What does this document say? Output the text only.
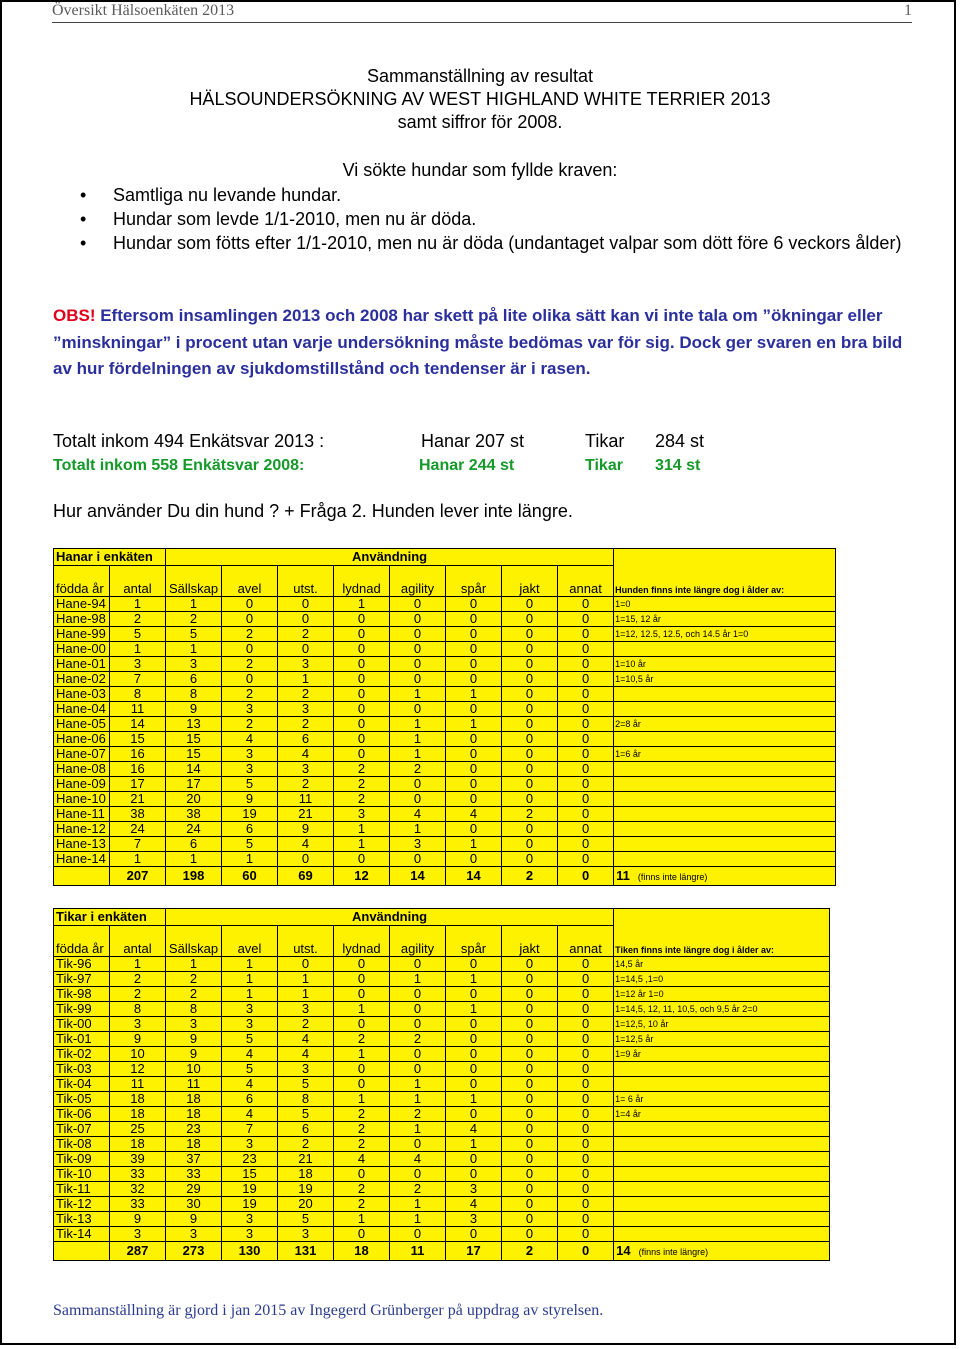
Översikt Hälsoenkäten 2013	1
Sammanställning av resultat
HÄLSOUNDERSÖKNING AV WEST HIGHLAND WHITE TERRIER 2013
samt siffror för 2008.
Vi sökte hundar som fyllde kraven:
• Samtliga nu levande hundar.
• Hundar som levde 1/1-2010, men nu är döda.
• Hundar som fötts efter 1/1-2010, men nu är döda (undantaget valpar som dött före 6 veckors ålder)
OBS! Eftersom insamlingen 2013 och 2008 har skett på lite olika sätt kan vi inte tala om ”ökningar eller ”minskningar” i procent utan varje undersökning måste bedömas var för sig. Dock ger svaren en bra bild av hur fördelningen av sjukdomstillstånd och tendenser är i rasen.
Totalt inkom 494 Enkätsvar 2013 :	Hanar 207 st	Tikar 284 st
Totalt inkom 558 Enkätsvar 2008:	Hanar 244 st	Tikar 314 st
Hur använder Du din hund ? + Fråga 2. Hunden lever inte längre.
Hanar i enkäten		Användning								Hunden finns inte längre dog i ålder av:
födda år	antal	Sällskap	avel	utst.	lydnad	agility	spår	jakt	annat	
Hane-94	1	1	0	0	1	0	0	0	0	1=0
Hane-98	2	2	0	0	0	0	0	0	0	1=15, 12 år
Hane-99	5	5	2	2	0	0	0	0	0	1=12, 12.5, 12.5, och 14.5 år 1=0
Hane-00	1	1	0	0	0	0	0	0	0	
Hane-01	3	3	2	3	0	0	0	0	0	1=10 år
Hane-02	7	6	0	1	0	0	0	0	0	1=10,5 år
Hane-03	8	8	2	2	0	1	1	0	0	
Hane-04	11	9	3	3	0	0	0	0	0	
Hane-05	14	13	2	2	0	1	1	0	0	2=8 år
Hane-06	15	15	4	6	0	1	0	0	0	
Hane-07	16	15	3	4	0	1	0	0	0	1=6 år
Hane-08	16	14	3	3	2	2	0	0	0	
Hane-09	17	17	5	2	2	0	0	0	0	
Hane-10	21	20	9	11	2	0	0	0	0	
Hane-11	38	38	19	21	3	4	4	2	0	
Hane-12	24	24	6	9	1	1	0	0	0	
Hane-13	7	6	5	4	1	3	1	0	0	
Hane-14	1	1	1	0	0	0	0	0	0	
	207	198	60	69	12	14	14	2	0	11 (finns inte längre)
Tikar i enkäten		Användning								Tiken finns inte längre dog i ålder av:
födda år	antal	Sällskap	avel	utst.	lydnad	agility	spår	jakt	annat	
Tik-96	1	1	1	0	0	0	0	0	0	14,5 år
Tik-97	2	2	1	1	0	1	1	0	0	1=14,5 ,1=0
Tik-98	2	2	1	1	0	0	0	0	0	1=12 år 1=0
Tik-99	8	8	3	3	1	0	1	0	0	1=14,5, 12, 11, 10,5, och 9,5 år 2=0
Tik-00	3	3	3	2	0	0	0	0	0	1=12,5, 10 år
Tik-01	9	9	5	4	2	2	0	0	0	1=12,5 år
Tik-02	10	9	4	4	1	0	0	0	0	1=9 år
Tik-03	12	10	5	3	0	0	0	0	0	
Tik-04	11	11	4	5	0	1	0	0	0	
Tik-05	18	18	6	8	1	1	1	0	0	1= 6 år
Tik-06	18	18	4	5	2	2	0	0	0	1=4 år
Tik-07	25	23	7	6	2	1	4	0	0	
Tik-08	18	18	3	2	2	0	1	0	0	
Tik-09	39	37	23	21	4	4	0	0	0	
Tik-10	33	33	15	18	0	0	0	0	0	
Tik-11	32	29	19	19	2	2	3	0	0	
Tik-12	33	30	19	20	2	1	4	0	0	
Tik-13	9	9	3	5	1	1	3	0	0	
Tik-14	3	3	3	3	0	0	0	0	0	
	287	273	130	131	18	11	17	2	0	14 (finns inte längre)
Sammanställning är gjord i jan 2015 av Ingegerd Grünberger på uppdrag av styrelsen.
